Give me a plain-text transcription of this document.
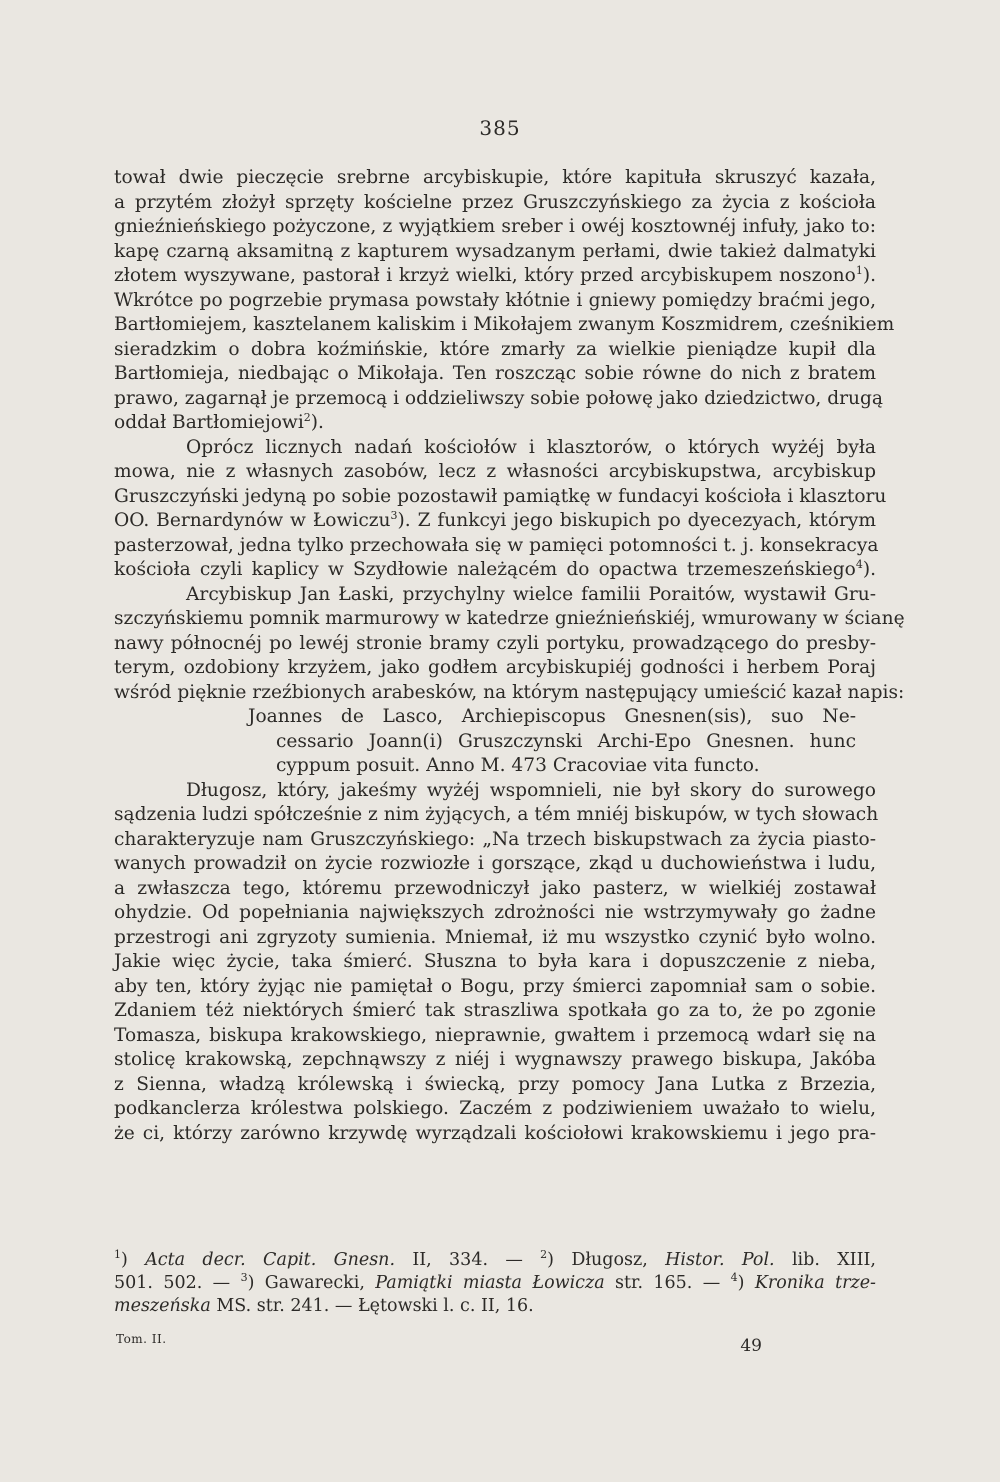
385
tował dwie pieczęcie srebrne arcybiskupie, które kapituła skruszyć kazała,
a przytém złożył sprzęty kościelne przez Gruszczyńskiego za życia z kościoła
gnieźnieńskiego pożyczone, z wyjątkiem sreber i owéj kosztownéj infuły, jako to:
kapę czarną aksamitną z kapturem wysadzanym perłami, dwie takież dalmatyki
złotem wyszywane, pastorał i krzyż wielki, który przed arcybiskupem noszono$^1$).
Wkrótce po pogrzebie prymasa powstały kłótnie i gniewy pomiędzy braćmi jego,
Bartłomiejem, kasztelanem kaliskim i Mikołajem zwanym Koszmidrem, cześnikiem
sieradzkim o dobra koźmińskie, które zmarły za wielkie pieniądze kupił dla
Bartłomieja, niedbając o Mikołaja. Ten roszcząc sobie równe do nich z bratem
prawo, zagarnął je przemocą i oddzieliwszy sobie połowę jako dziedzictwo, drugą
oddał Bartłomiejowi$^2$).
Oprócz licznych nadań kościołów i klasztorów, o których wyżéj była
mowa, nie z własnych zasobów, lecz z własności arcybiskupstwa, arcybiskup
Gruszczyński jedyną po sobie pozostawił pamiątkę w fundacyi kościoła i klasztoru
OO. Bernardynów w Łowiczu$^3$). Z funkcyi jego biskupich po dyecezyach, którym
pasterzował, jedna tylko przechowała się w pamięci potomności t. j. konsekracya
kościoła czyli kaplicy w Szydłowie należącém do opactwa trzemeszeńskiego$^4$).
Arcybiskup Jan Łaski, przychylny wielce familii Poraitów, wystawił Gru-
szczyńskiemu pomnik marmurowy w katedrze gnieźnieńskiéj, wmurowany w ścianę
nawy północnéj po lewéj stronie bramy czyli portyku, prowadzącego do presby-
terym, ozdobiony krzyżem, jako godłem arcybiskupiéj godności i herbem Poraj
wśród pięknie rzeźbionych arabesków, na którym następujący umieścić kazał napis:
Joannes de Lasco, Archiepiscopus Gnesnen(sis), suo Ne-
cessario Joann(i) Gruszczynski Archi-Epo Gnesnen. hunc
cyppum posuit. Anno M. 473 Cracoviae vita functo.
Długosz, który, jakeśmy wyżéj wspomnieli, nie był skory do surowego
sądzenia ludzi spółcześnie z nim żyjących, a tém mniéj biskupów, w tych słowach
charakteryzuje nam Gruszczyńskiego: „Na trzech biskupstwach za życia piasto-
wanych prowadził on życie rozwiozłe i gorszące, zkąd u duchowieństwa i ludu,
a zwłaszcza tego, któremu przewodniczył jako pasterz, w wielkiéj zostawał
ohydzie. Od popełniania największych zdrożności nie wstrzymywały go żadne
przestrogi ani zgryzoty sumienia. Mniemał, iż mu wszystko czynić było wolno.
Jakie więc życie, taka śmierć. Słuszna to była kara i dopuszczenie z nieba,
aby ten, który żyjąc nie pamiętał o Bogu, przy śmierci zapomniał sam o sobie.
Zdaniem téż niektórych śmierć tak straszliwa spotkała go za to, że po zgonie
Tomasza, biskupa krakowskiego, nieprawnie, gwałtem i przemocą wdarł się na
stolicę krakowską, zepchnąwszy z niéj i wygnawszy prawego biskupa, Jakóba
z Sienna, władzą królewską i świecką, przy pomocy Jana Lutka z Brzezia,
podkanclerza królestwa polskiego. Zaczém z podziwieniem uważało to wielu,
że ci, którzy zarówno krzywdę wyrządzali kościołowi krakowskiemu i jego pra-
$^1$) Acta decr. Capit. Gnesn. II, 334. — $^2$) Długosz, Histor. Pol. lib. XIII,
501. 502. — $^3$) Gawarecki, Pamiątki miasta Łowicza str. 165. — $^4$) Kronika trze-
meszeńska MS. str. 241. — Łętowski l. c. II, 16.
Tom. II.	49
